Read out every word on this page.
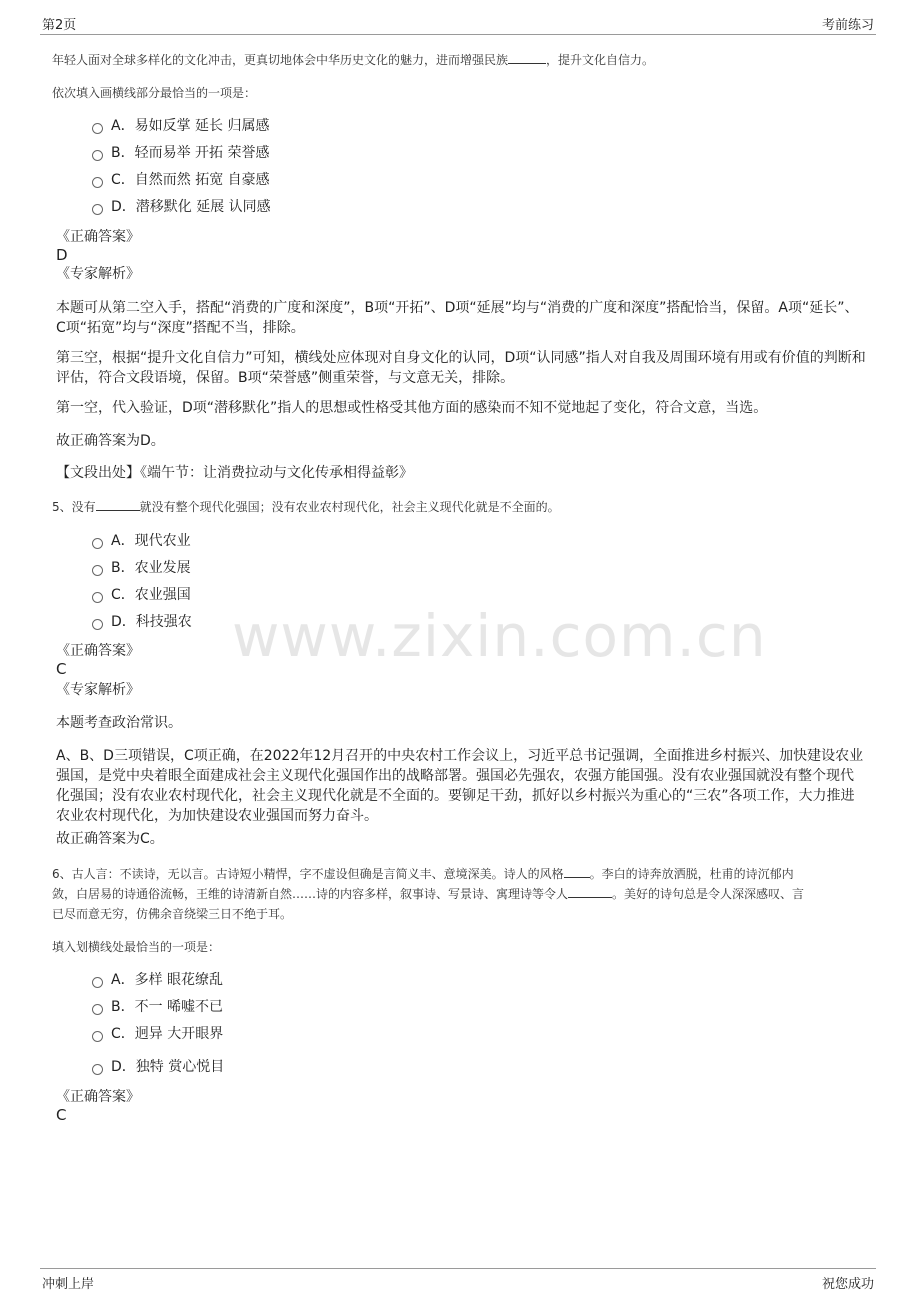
第2页	考前练习
www.zixin.com.cn
年轻人面对全球多样化的文化冲击，更真切地体会中华历史文化的魅力，进而增强民族	，提升文化自信力。
依次填入画横线部分最恰当的一项是：
A．易如反掌 延长 归属感
B．轻而易举 开拓 荣誉感
C．自然而然 拓宽 自豪感
D．潜移默化 延展 认同感
《正确答案》
D
《专家解析》
本题可从第二空入手，搭配“消费的广度和深度”，B项“开拓”、D项“延展”均与“消费的广度和深度”搭配恰当，保留。A项“延长”、C项“拓宽”均与“深度”搭配不当，排除。
第三空，根据“提升文化自信力”可知，横线处应体现对自身文化的认同，D项“认同感”指人对自我及周围环境有用或有价值的判断和评估，符合文段语境，保留。B项“荣誉感”侧重荣誉，与文意无关，排除。
第一空，代入验证，D项“潜移默化”指人的思想或性格受其他方面的感染而不知不觉地起了变化，符合文意，当选。
故正确答案为D。
【文段出处】《端午节：让消费拉动与文化传承相得益彰》
5、没有	就没有整个现代化强国；没有农业农村现代化，社会主义现代化就是不全面的。
A．现代农业
B．农业发展
C．农业强国
D．科技强农
《正确答案》
C
《专家解析》
本题考查政治常识。
A、B、D三项错误，C项正确，在2022年12月召开的中央农村工作会议上，习近平总书记强调，全面推进乡村振兴、加快建设农业强国，是党中央着眼全面建成社会主义现代化强国作出的战略部署。强国必先强农，农强方能国强。没有农业强国就没有整个现代化强国；没有农业农村现代化，社会主义现代化就是不全面的。要铆足干劲，抓好以乡村振兴为重心的“三农”各项工作，大力推进农业农村现代化，为加快建设农业强国而努力奋斗。
故正确答案为C。
6、古人言：不读诗，无以言。古诗短小精悍，字不虚设但确是言简义丰、意境深美。诗人的风格 。李白的诗奔放洒脱，杜甫的诗沉郁内
敛，白居易的诗通俗流畅，王维的诗清新自然……诗的内容多样，叙事诗、写景诗、寓理诗等令人	。美好的诗句总是令人深深感叹、言
已尽而意无穷，仿佛余音绕梁三日不绝于耳。
填入划横线处最恰当的一项是：
A．多样 眼花缭乱
B．不一 唏嘘不已
C．迥异 大开眼界
D．独特 赏心悦目
《正确答案》
C
冲刺上岸	祝您成功
